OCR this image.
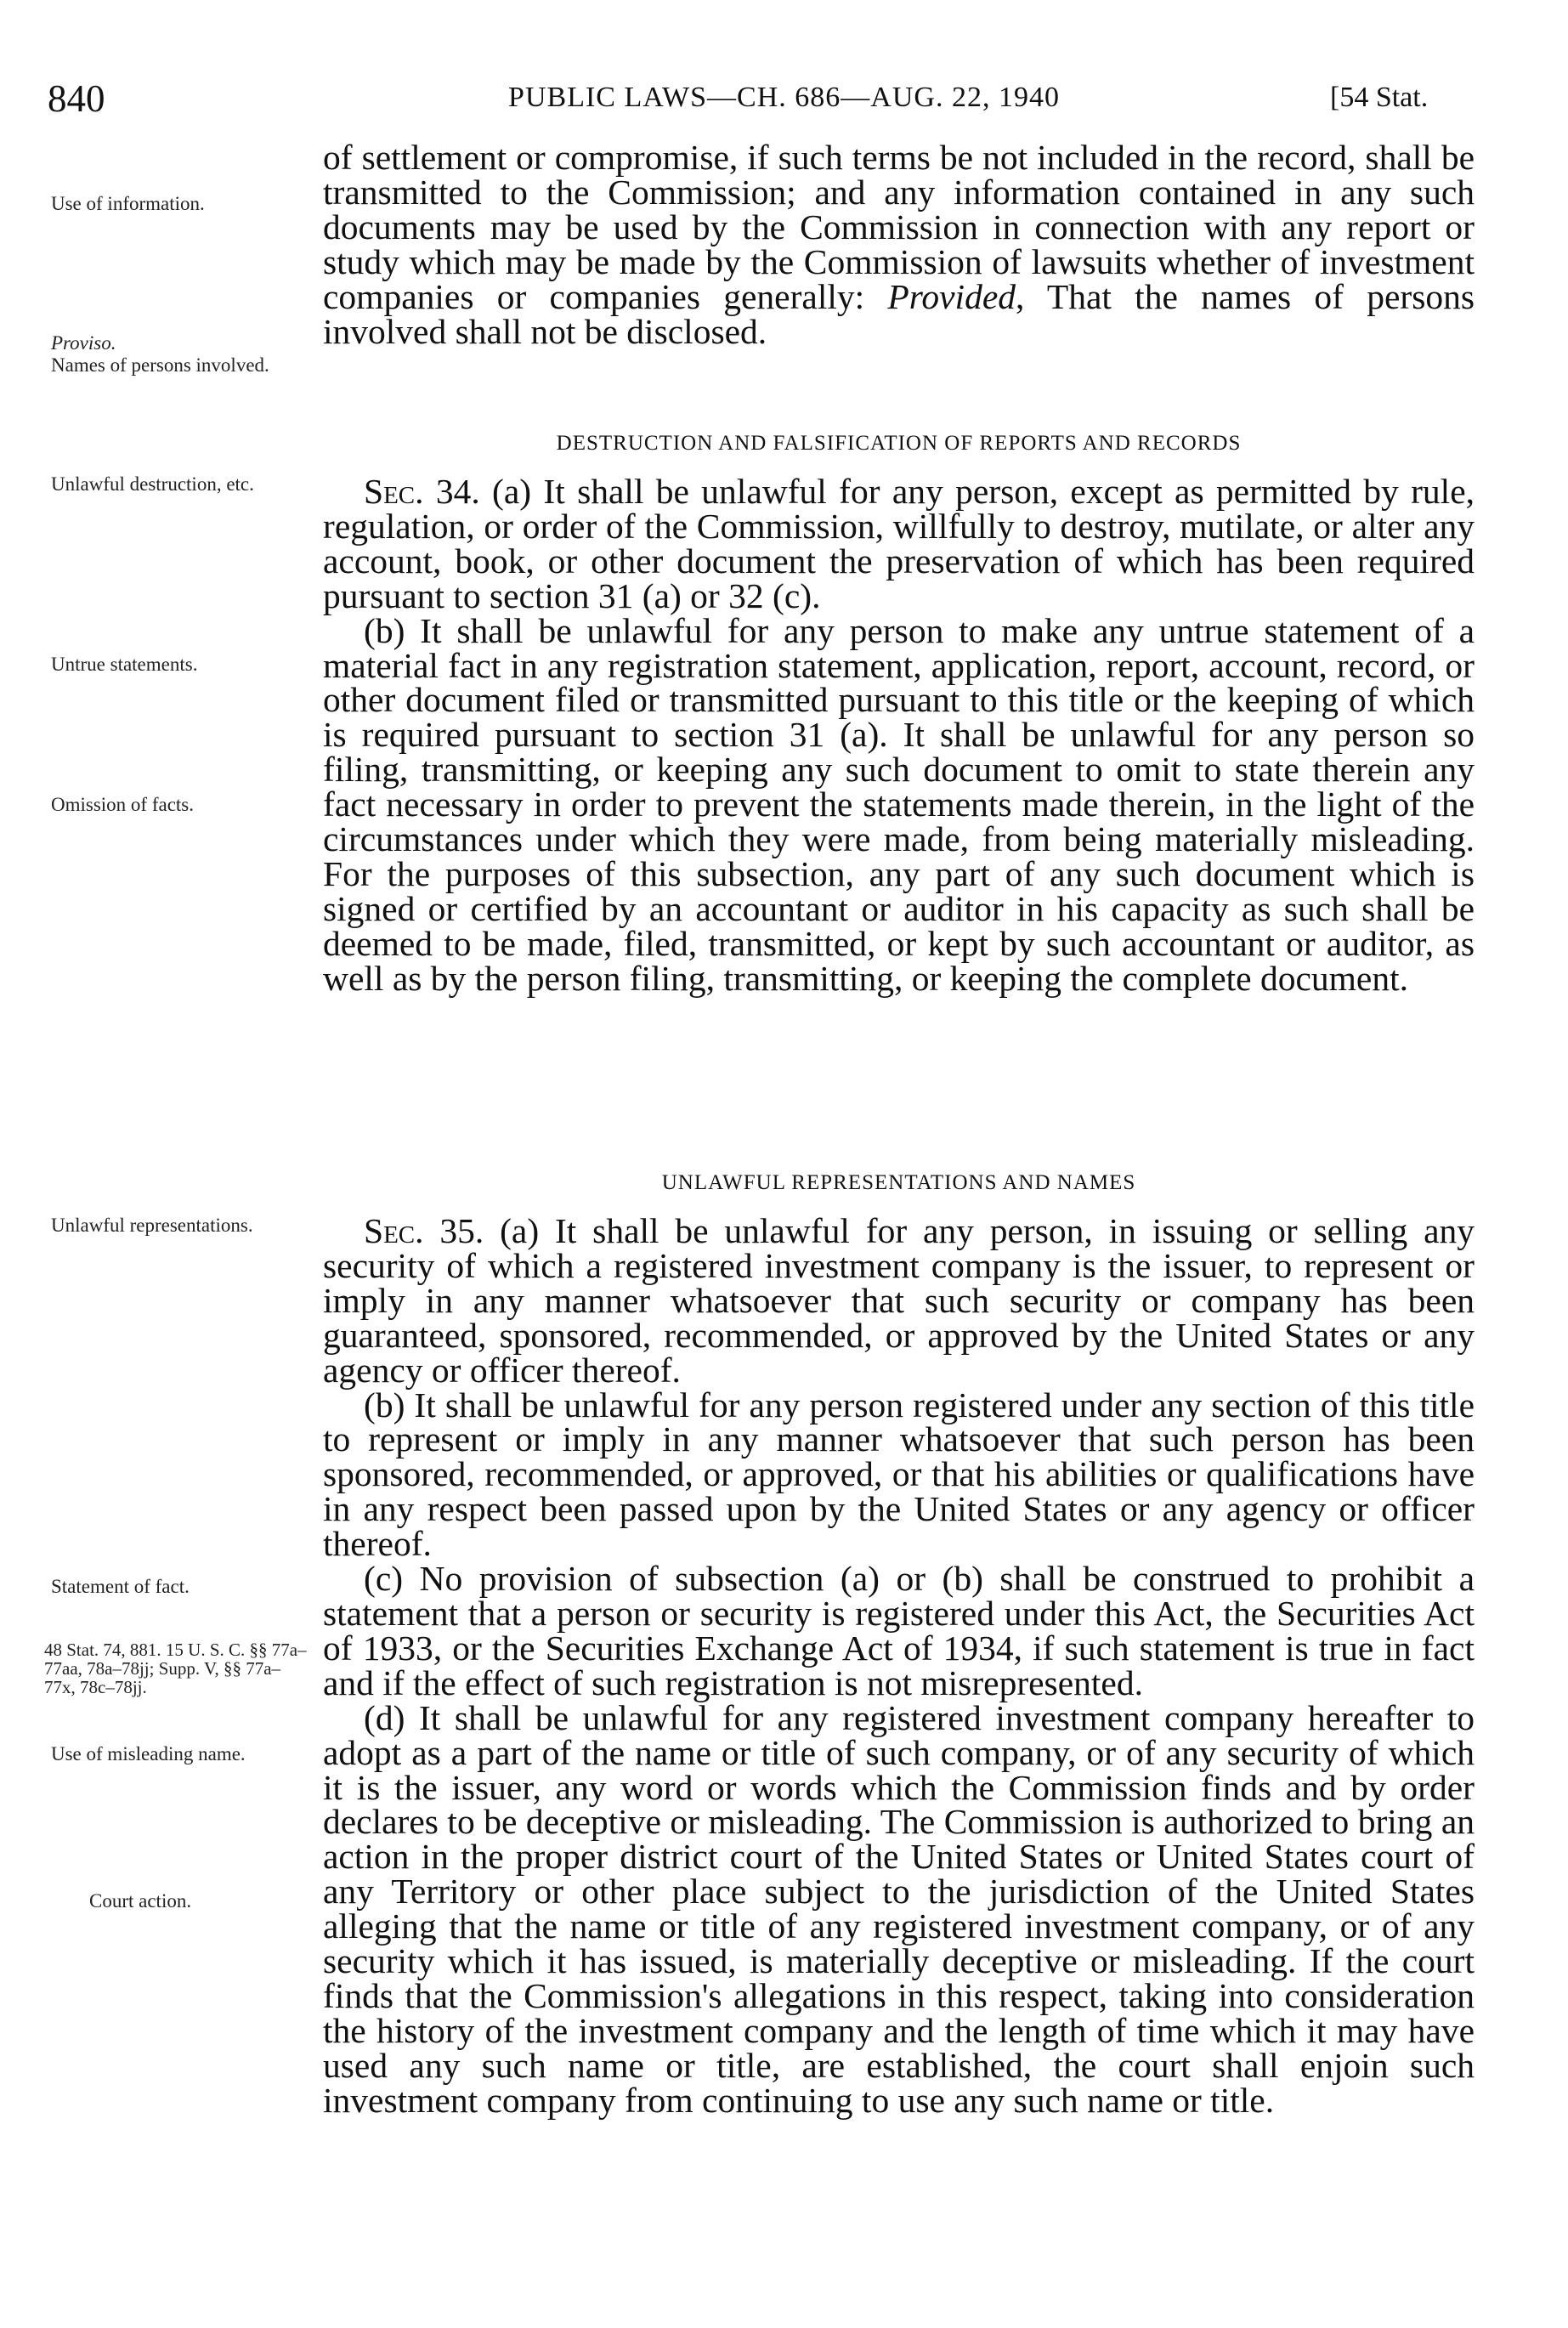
840	PUBLIC LAWS—CH. 686—AUG. 22, 1940	[54 Stat.
Use of information.
Proviso.
Names of persons involved.
Unlawful destruction, etc.
Untrue statements.
Omission of facts.
Unlawful representations.
Statement of fact.
48 Stat. 74, 881. 15 U. S. C. §§ 77a–77aa, 78a–78jj; Supp. V, §§ 77a–77x, 78c–78jj.
Use of misleading name.
Court action.

of settlement or compromise, if such terms be not included in the record, shall be transmitted to the Commission; and any information contained in any such documents may be used by the Commission in connection with any report or study which may be made by the Commission of lawsuits whether of investment companies or companies generally: Provided, That the names of persons involved shall not be disclosed.

DESTRUCTION AND FALSIFICATION OF REPORTS AND RECORDS

Sec. 34. (a) It shall be unlawful for any person, except as permitted by rule, regulation, or order of the Commission, willfully to destroy, mutilate, or alter any account, book, or other document the preservation of which has been required pursuant to section 31 (a) or 32 (c).

(b) It shall be unlawful for any person to make any untrue statement of a material fact in any registration statement, application, report, account, record, or other document filed or transmitted pursuant to this title or the keeping of which is required pursuant to section 31 (a). It shall be unlawful for any person so filing, transmitting, or keeping any such document to omit to state therein any fact necessary in order to prevent the statements made therein, in the light of the circumstances under which they were made, from being materially misleading. For the purposes of this subsection, any part of any such document which is signed or certified by an accountant or auditor in his capacity as such shall be deemed to be made, filed, transmitted, or kept by such accountant or auditor, as well as by the person filing, transmitting, or keeping the complete document.

UNLAWFUL REPRESENTATIONS AND NAMES

Sec. 35. (a) It shall be unlawful for any person, in issuing or selling any security of which a registered investment company is the issuer, to represent or imply in any manner whatsoever that such security or company has been guaranteed, sponsored, recommended, or approved by the United States or any agency or officer thereof.

(b) It shall be unlawful for any person registered under any section of this title to represent or imply in any manner whatsoever that such person has been sponsored, recommended, or approved, or that his abilities or qualifications have in any respect been passed upon by the United States or any agency or officer thereof.

(c) No provision of subsection (a) or (b) shall be construed to prohibit a statement that a person or security is registered under this Act, the Securities Act of 1933, or the Securities Exchange Act of 1934, if such statement is true in fact and if the effect of such registration is not misrepresented.

(d) It shall be unlawful for any registered investment company hereafter to adopt as a part of the name or title of such company, or of any security of which it is the issuer, any word or words which the Commission finds and by order declares to be deceptive or misleading. The Commission is authorized to bring an action in the proper district court of the United States or United States court of any Territory or other place subject to the jurisdiction of the United States alleging that the name or title of any registered investment company, or of any security which it has issued, is materially deceptive or misleading. If the court finds that the Commission's allegations in this respect, taking into consideration the history of the investment company and the length of time which it may have used any such name or title, are established, the court shall enjoin such investment company from continuing to use any such name or title.
